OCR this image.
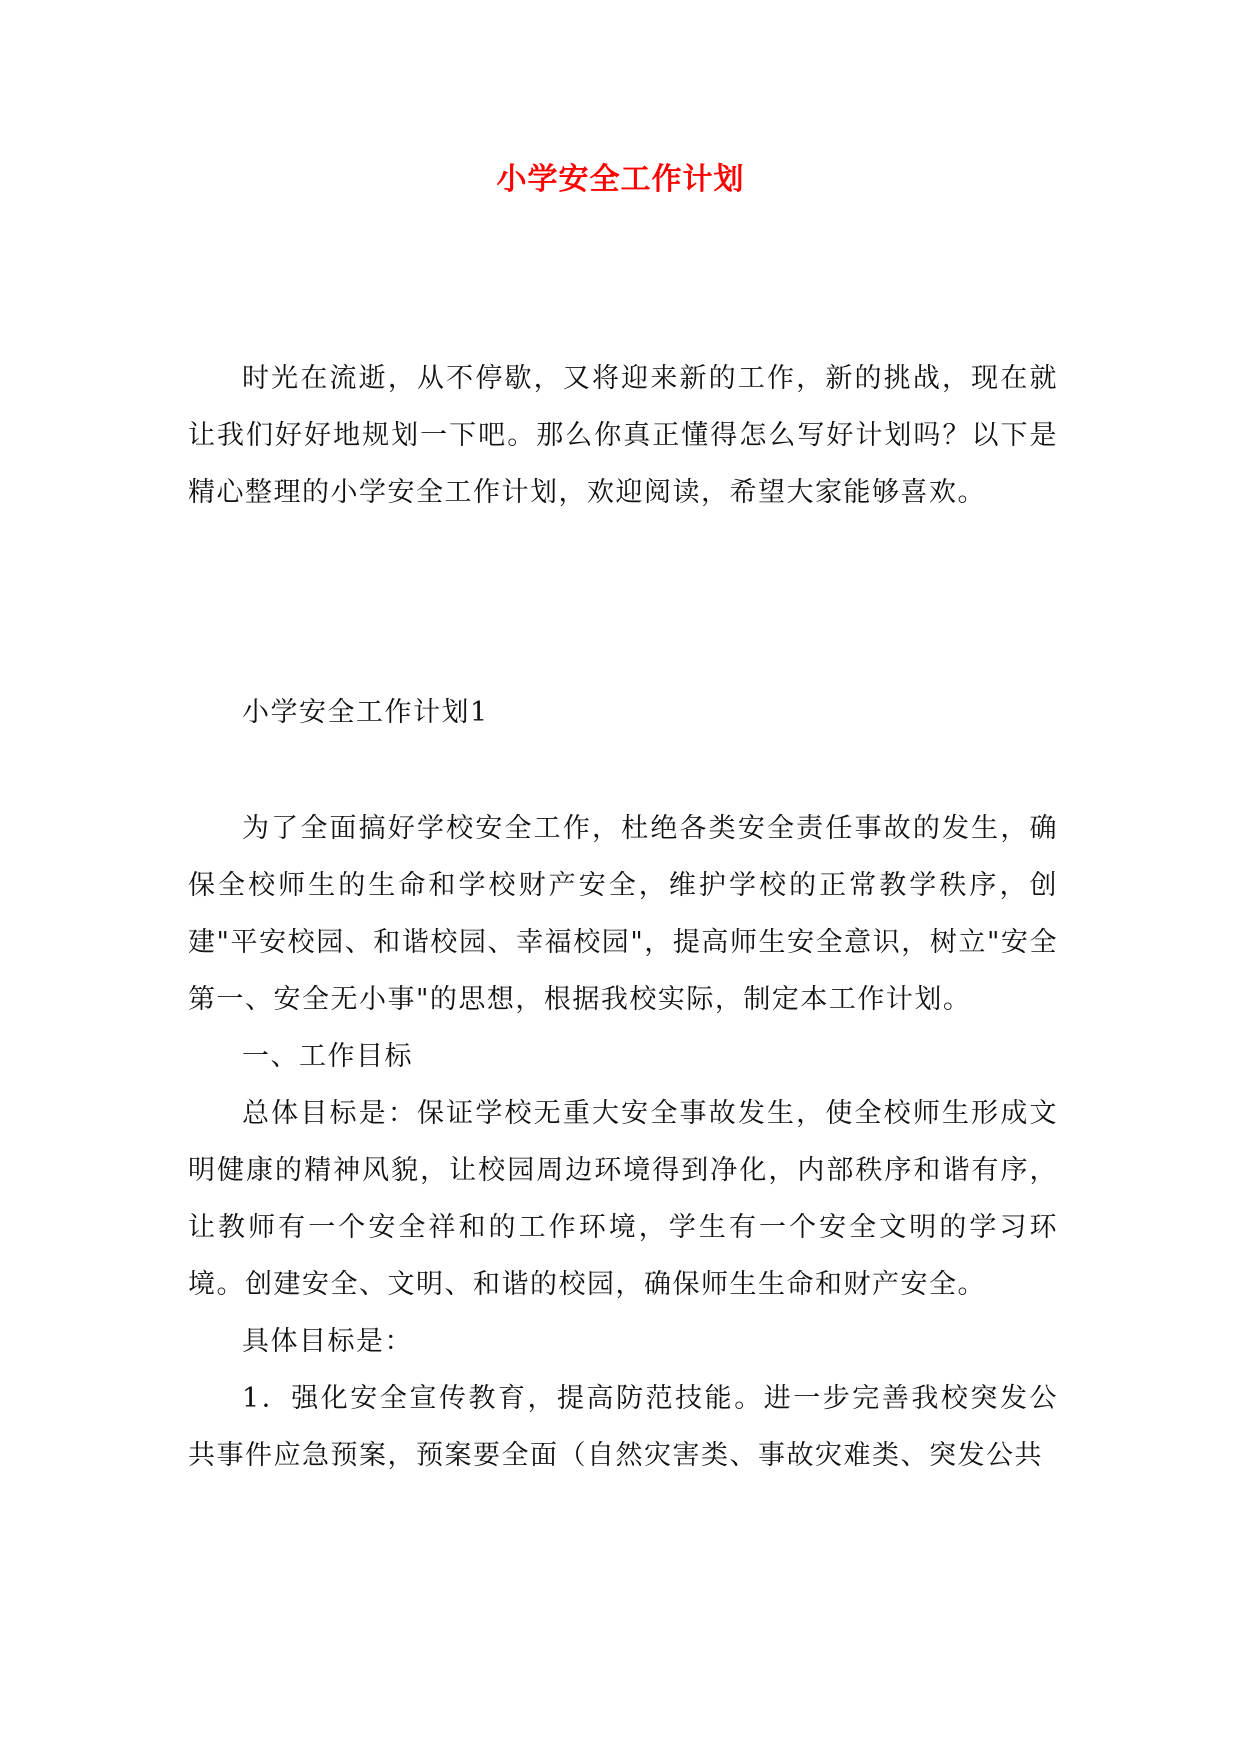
小学安全工作计划
时光在流逝，从不停歇，又将迎来新的工作，新的挑战，现在就让我们好好地规划一下吧。那么你真正懂得怎么写好计划吗？以下是精心整理的小学安全工作计划，欢迎阅读，希望大家能够喜欢。
小学安全工作计划1
为了全面搞好学校安全工作，杜绝各类安全责任事故的发生，确保全校师生的生命和学校财产安全，维护学校的正常教学秩序，创建"平安校园、和谐校园、幸福校园"，提高师生安全意识，树立"安全第一、安全无小事"的思想，根据我校实际，制定本工作计划。
一、工作目标
总体目标是：保证学校无重大安全事故发生，使全校师生形成文明健康的精神风貌，让校园周边环境得到净化，内部秩序和谐有序，让教师有一个安全祥和的工作环境，学生有一个安全文明的学习环境。创建安全、文明、和谐的校园，确保师生生命和财产安全。
具体目标是：
1．强化安全宣传教育，提高防范技能。进一步完善我校突发公共事件应急预案，预案要全面（自然灾害类、事故灾难类、突发公共
